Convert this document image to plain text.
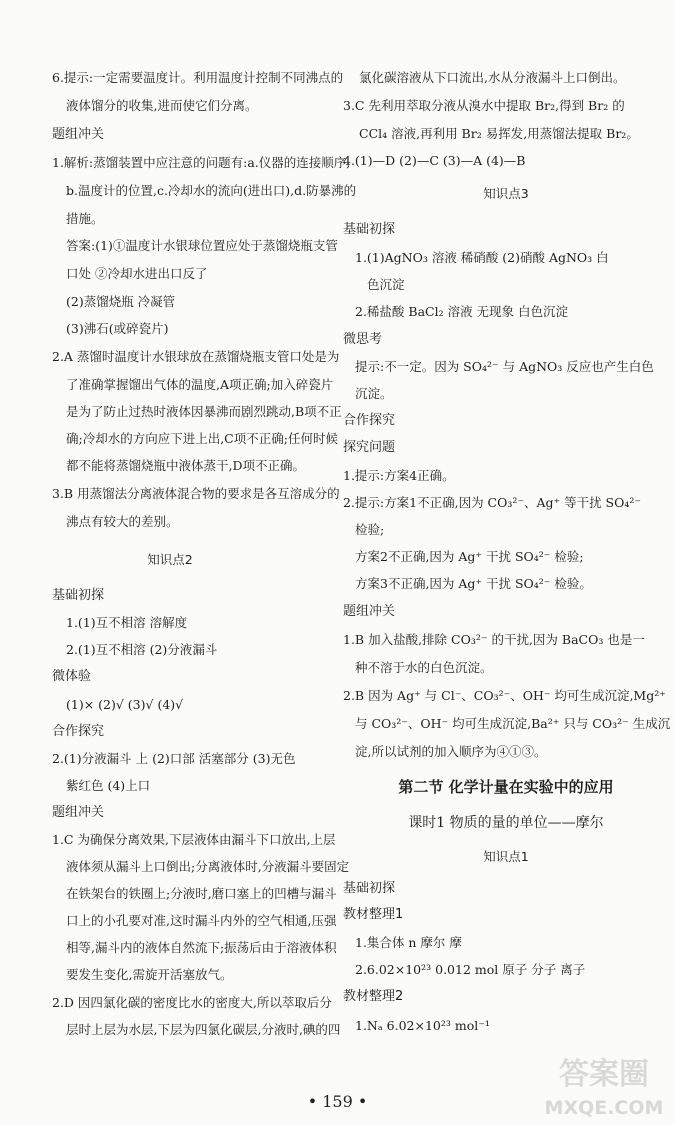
6.提示:一定需要温度计。利用温度计控制不同沸点的
液体馏分的收集,进而使它们分离。
题组冲关
1.解析:蒸馏装置中应注意的问题有:a.仪器的连接顺序,
b.温度计的位置,c.冷却水的流向(进出口),d.防暴沸的
措施。
答案:(1)①温度计水银球位置应处于蒸馏烧瓶支管
口处 ②冷却水进出口反了
(2)蒸馏烧瓶 冷凝管
(3)沸石(或碎瓷片)
2.A 蒸馏时温度计水银球放在蒸馏烧瓶支管口处是为
了准确掌握馏出气体的温度,A项正确;加入碎瓷片
是为了防止过热时液体因暴沸而剧烈跳动,B项不正
确;冷却水的方向应下进上出,C项不正确;任何时候
都不能将蒸馏烧瓶中液体蒸干,D项不正确。
3.B 用蒸馏法分离液体混合物的要求是各互溶成分的
沸点有较大的差别。
知识点2
基础初探
1.(1)互不相溶 溶解度
2.(1)互不相溶 (2)分液漏斗
微体验
(1)× (2)√ (3)√ (4)√
合作探究
2.(1)分液漏斗 上 (2)口部 活塞部分 (3)无色
紫红色 (4)上口
题组冲关
1.C 为确保分离效果,下层液体由漏斗下口放出,上层
液体须从漏斗上口倒出;分离液体时,分液漏斗要固定
在铁架台的铁圈上;分液时,磨口塞上的凹槽与漏斗
口上的小孔要对准,这时漏斗内外的空气相通,压强
相等,漏斗内的液体自然流下;振荡后由于溶液体积
要发生变化,需旋开活塞放气。
2.D 因四氯化碳的密度比水的密度大,所以萃取后分
层时上层为水层,下层为四氯化碳层,分液时,碘的四
氯化碳溶液从下口流出,水从分液漏斗上口倒出。
3.C 先利用萃取分液从溴水中提取 Br₂,得到 Br₂ 的
CCl₄ 溶液,再利用 Br₂ 易挥发,用蒸馏法提取 Br₂。
4.(1)—D (2)—C (3)—A (4)—B
知识点3
基础初探
1.(1)AgNO₃ 溶液 稀硝酸 (2)硝酸 AgNO₃ 白
色沉淀
2.稀盐酸 BaCl₂ 溶液 无现象 白色沉淀
微思考
提示:不一定。因为 SO₄²⁻ 与 AgNO₃ 反应也产生白色
沉淀。
合作探究
探究问题
1.提示:方案4正确。
2.提示:方案1不正确,因为 CO₃²⁻、Ag⁺ 等干扰 SO₄²⁻
检验;
方案2不正确,因为 Ag⁺ 干扰 SO₄²⁻ 检验;
方案3不正确,因为 Ag⁺ 干扰 SO₄²⁻ 检验。
题组冲关
1.B 加入盐酸,排除 CO₃²⁻ 的干扰,因为 BaCO₃ 也是一
种不溶于水的白色沉淀。
2.B 因为 Ag⁺ 与 Cl⁻、CO₃²⁻、OH⁻ 均可生成沉淀,Mg²⁺
与 CO₃²⁻、OH⁻ 均可生成沉淀,Ba²⁺ 只与 CO₃²⁻ 生成沉
淀,所以试剂的加入顺序为④①③。
第二节 化学计量在实验中的应用
课时1 物质的量的单位——摩尔
知识点1
基础初探
教材整理1
1.集合体 n 摩尔 摩
2.6.02×10²³ 0.012 mol 原子 分子 离子
教材整理2
1.Nₐ 6.02×10²³ mol⁻¹
• 159 •
答案圈
MXQE.COM
